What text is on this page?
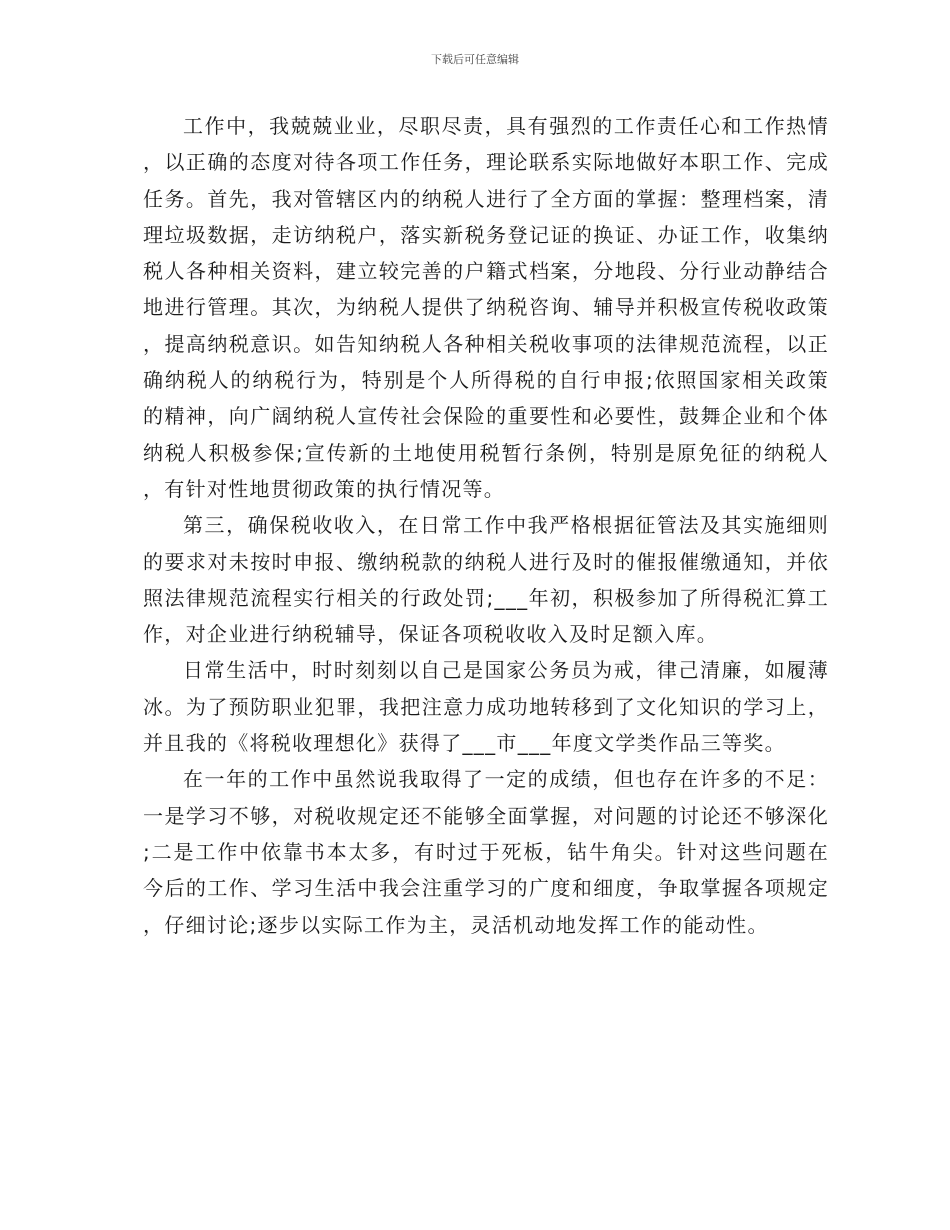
下载后可任意编辑

工作中，我兢兢业业，尽职尽责，具有强烈的工作责任心和工作热情，以正确的态度对待各项工作任务，理论联系实际地做好本职工作、完成任务。首先，我对管辖区内的纳税人进行了全方面的掌握：整理档案，清理垃圾数据，走访纳税户，落实新税务登记证的换证、办证工作，收集纳税人各种相关资料，建立较完善的户籍式档案，分地段、分行业动静结合地进行管理。其次，为纳税人提供了纳税咨询、辅导并积极宣传税收政策，提高纳税意识。如告知纳税人各种相关税收事项的法律规范流程，以正确纳税人的纳税行为，特别是个人所得税的自行申报;依照国家相关政策的精神，向广阔纳税人宣传社会保险的重要性和必要性，鼓舞企业和个体纳税人积极参保;宣传新的土地使用税暂行条例，特别是原免征的纳税人，有针对性地贯彻政策的执行情况等。

第三，确保税收收入，在日常工作中我严格根据征管法及其实施细则的要求对未按时申报、缴纳税款的纳税人进行及时的催报催缴通知，并依照法律规范流程实行相关的行政处罚;___年初，积极参加了所得税汇算工作，对企业进行纳税辅导，保证各项税收收入及时足额入库。

日常生活中，时时刻刻以自己是国家公务员为戒，律己清廉，如履薄冰。为了预防职业犯罪，我把注意力成功地转移到了文化知识的学习上，并且我的《将税收理想化》获得了___市___年度文学类作品三等奖。

在一年的工作中虽然说我取得了一定的成绩，但也存在许多的不足：一是学习不够，对税收规定还不能够全面掌握，对问题的讨论还不够深化;二是工作中依靠书本太多，有时过于死板，钻牛角尖。针对这些问题在今后的工作、学习生活中我会注重学习的广度和细度，争取掌握各项规定，仔细讨论;逐步以实际工作为主，灵活机动地发挥工作的能动性。
